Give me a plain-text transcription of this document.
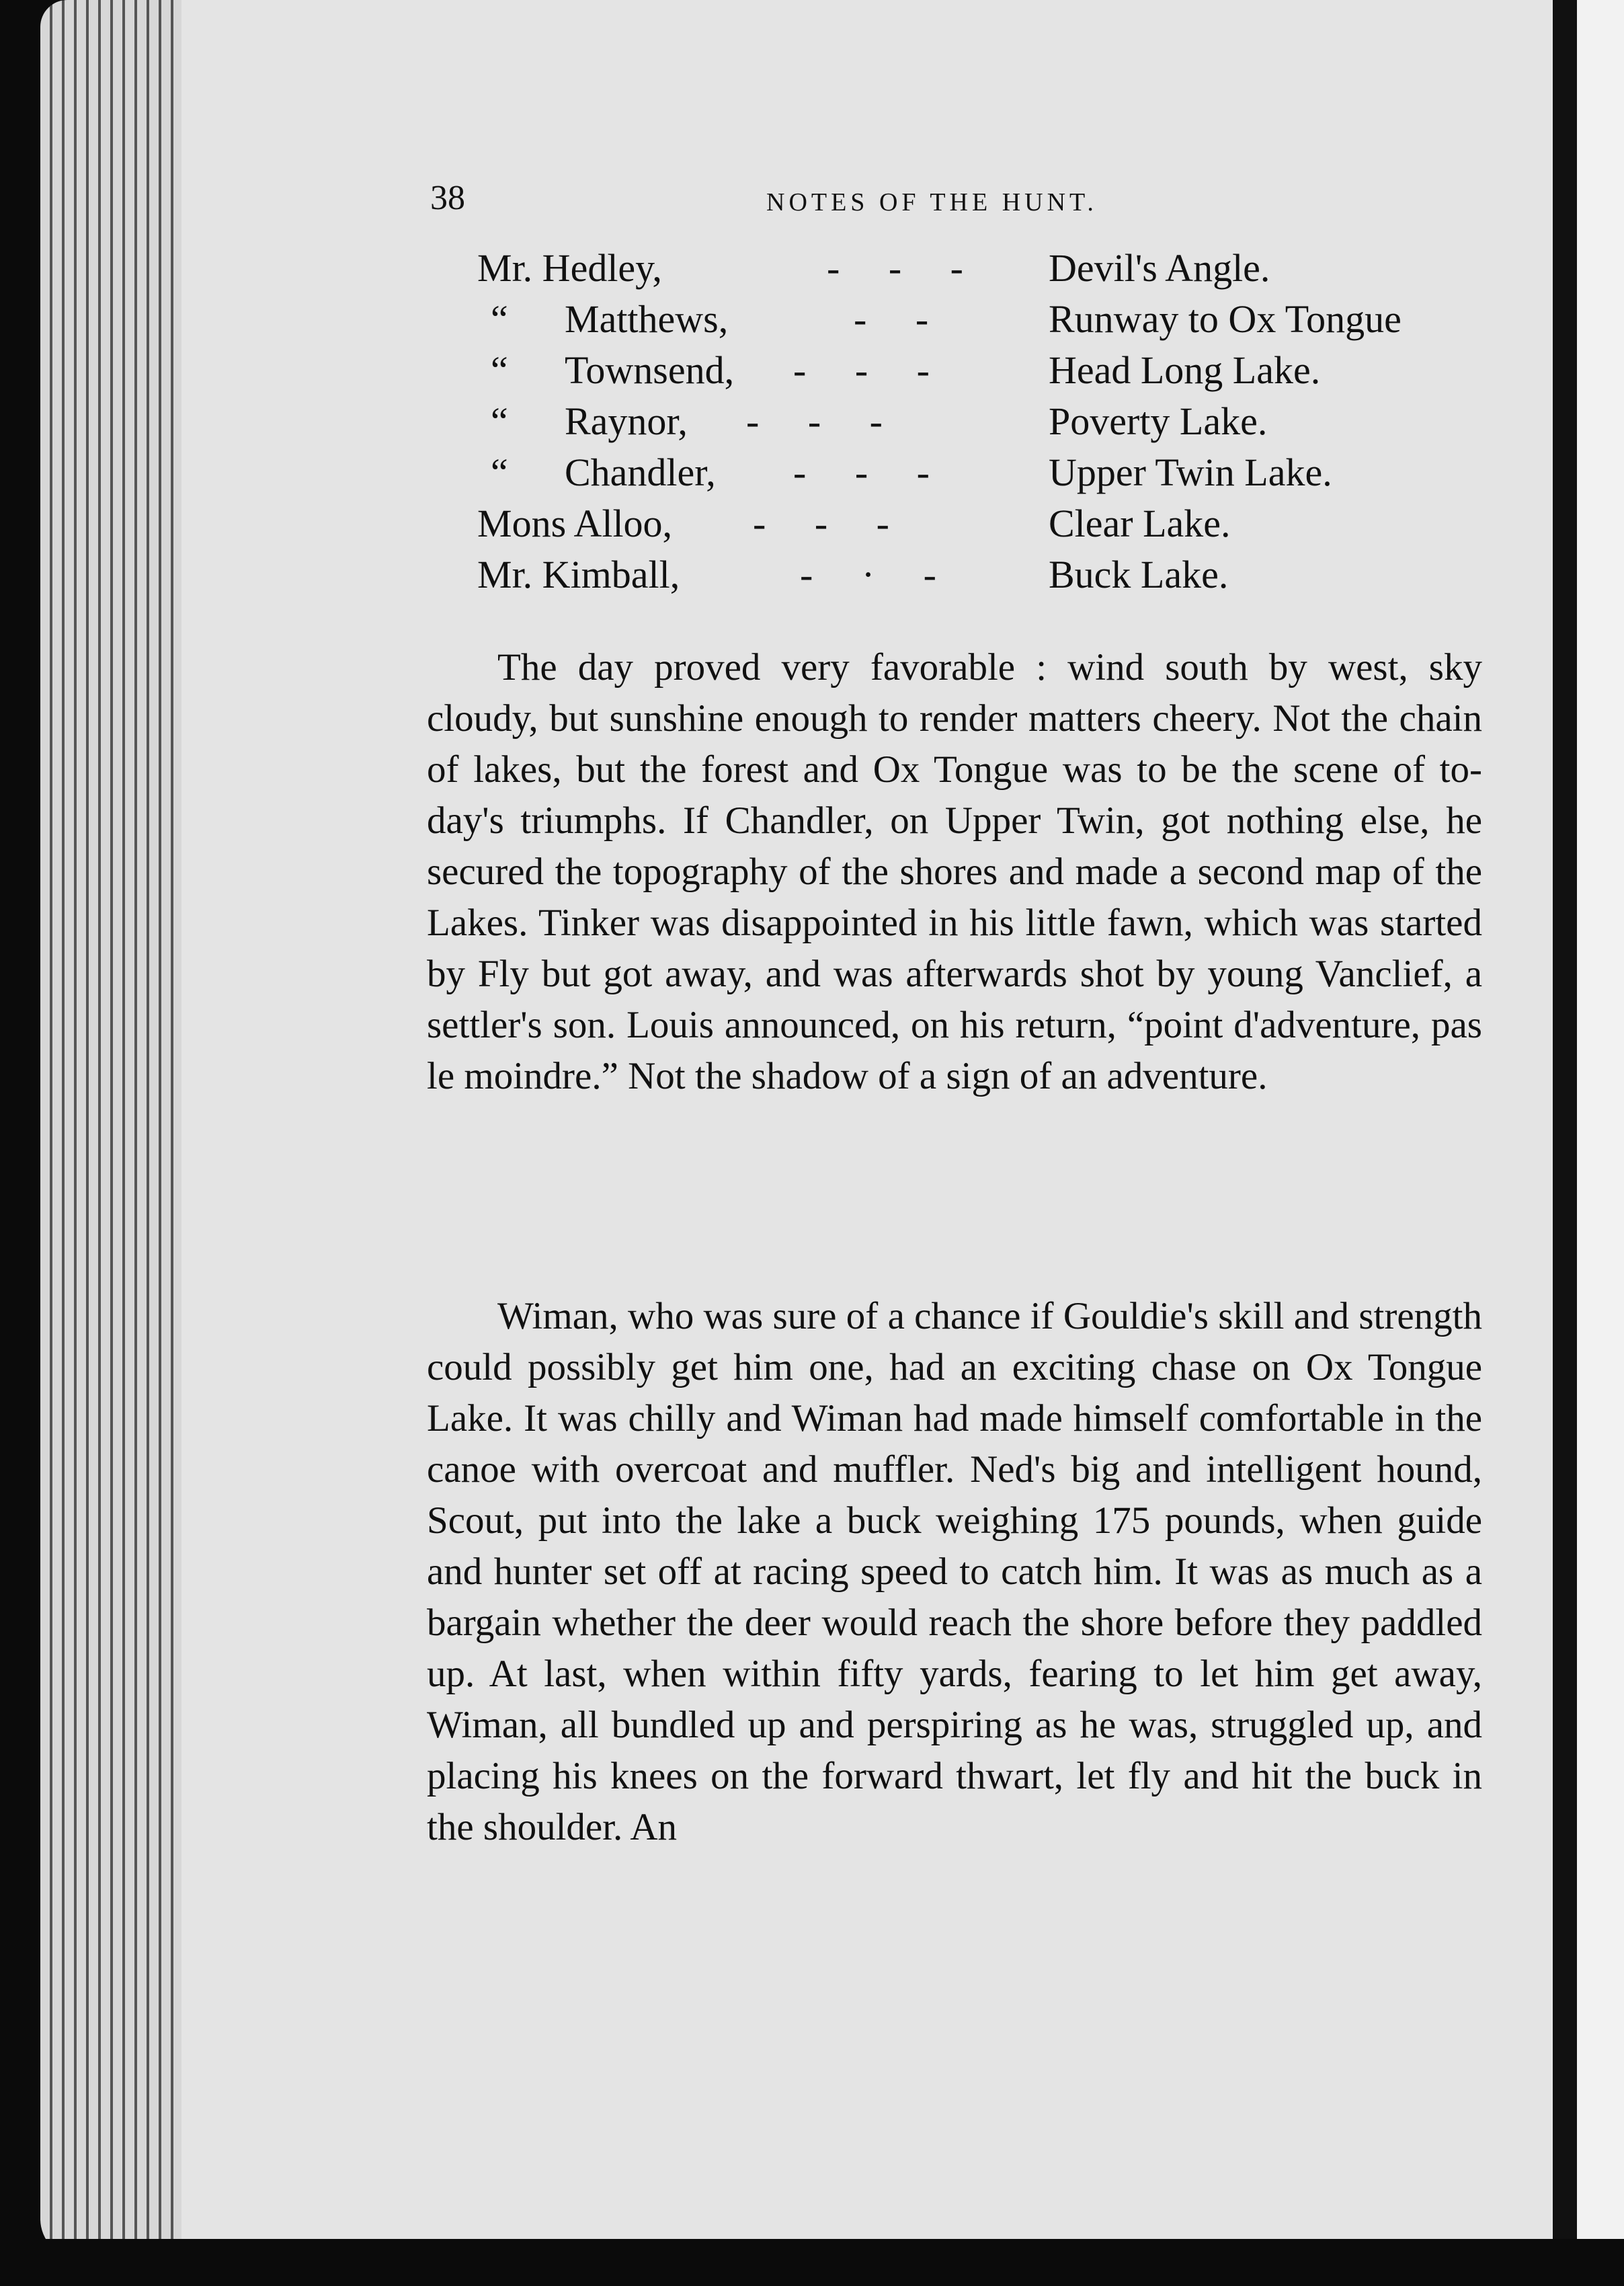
38	NOTES OF THE HUNT.
Mr. Hedley,	-     -     -	Devil's Angle.
“ Matthews,	-     -	Runway to Ox Tongue
“ Townsend, -     -     -	Head Long Lake.
“ Raynor, -     -     -	Poverty Lake.
“ Chandler, -     -     -	Upper Twin Lake.
Mons Alloo, -     -     -	Clear Lake.
Mr. Kimball,	-     ·     -	Buck Lake.

The day proved very favorable : wind south by west, sky cloudy, but sunshine enough to render matters cheery. Not the chain of lakes, but the forest and Ox Tongue was to be the scene of to-day's triumphs. If Chandler, on Upper Twin, got nothing else, he secured the topography of the shores and made a second map of the Lakes. Tinker was disappointed in his little fawn, which was started by Fly but got away, and was afterwards shot by young Vanclief, a settler's son. Louis announced, on his return, “point d'adventure, pas le moindre.” Not the shadow of a sign of an adventure.

Wiman, who was sure of a chance if Gouldie's skill and strength could possibly get him one, had an exciting chase on Ox Tongue Lake. It was chilly and Wiman had made himself comfortable in the canoe with overcoat and muffler. Ned's big and intelligent hound, Scout, put into the lake a buck weighing 175 pounds, when guide and hunter set off at racing speed to catch him. It was as much as a bargain whether the deer would reach the shore before they paddled up. At last, when within fifty yards, fearing to let him get away, Wiman, all bundled up and perspiring as he was, struggled up, and placing his knees on the forward thwart, let fly and hit the buck in the shoulder. An
